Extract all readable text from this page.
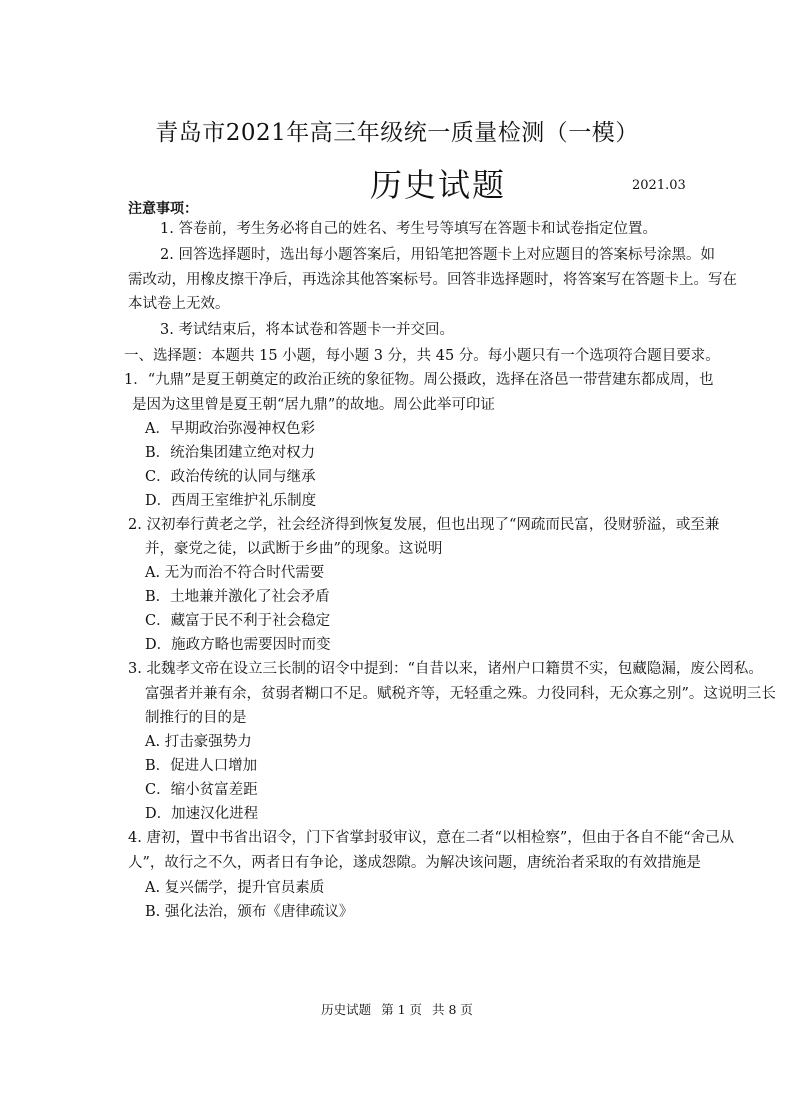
青岛市2021年高三年级统一质量检测（一模）
历史试题	2021.03
注意事项：
1. 答卷前，考生务必将自己的姓名、考生号等填写在答题卡和试卷指定位置。
2. 回答选择题时，选出每小题答案后，用铅笔把答题卡上对应题目的答案标号涂黑。如
需改动，用橡皮擦干净后，再选涂其他答案标号。回答非选择题时，将答案写在答题卡上。写在
本试卷上无效。
3. 考试结束后，将本试卷和答题卡一并交回。
一、选择题：本题共 15 小题，每小题 3 分，共 45 分。每小题只有一个选项符合题目要求。
1．“九鼎”是夏王朝奠定的政治正统的象征物。周公摄政，选择在洛邑一带营建东都成周，也
是因为这里曾是夏王朝“居九鼎”的故地。周公此举可印证
A．早期政治弥漫神权色彩
B．统治集团建立绝对权力
C．政治传统的认同与继承
D．西周王室维护礼乐制度
2. 汉初奉行黄老之学，社会经济得到恢复发展，但也出现了“网疏而民富，役财骄溢，或至兼
并，豪党之徒，以武断于乡曲”的现象。这说明
A. 无为而治不符合时代需要
B．土地兼并激化了社会矛盾
C．藏富于民不利于社会稳定
D．施政方略也需要因时而变
3. 北魏孝文帝在设立三长制的诏令中提到：“自昔以来，诸州户口籍贯不实，包藏隐漏，废公罔私。
富强者并兼有余，贫弱者糊口不足。赋税齐等，无轻重之殊。力役同科，无众寡之别”。这说明三长
制推行的目的是
A. 打击豪强势力
B．促进人口增加
C．缩小贫富差距
D．加速汉化进程
4. 唐初，置中书省出诏令，门下省掌封驳审议，意在二者“以相检察”，但由于各自不能“舍己从
人”，故行之不久，两者日有争论，遂成怨隙。为解决该问题，唐统治者采取的有效措施是
A. 复兴儒学，提升官员素质
B. 强化法治，颁布《唐律疏议》
历史试题 第 1 页 共 8 页
